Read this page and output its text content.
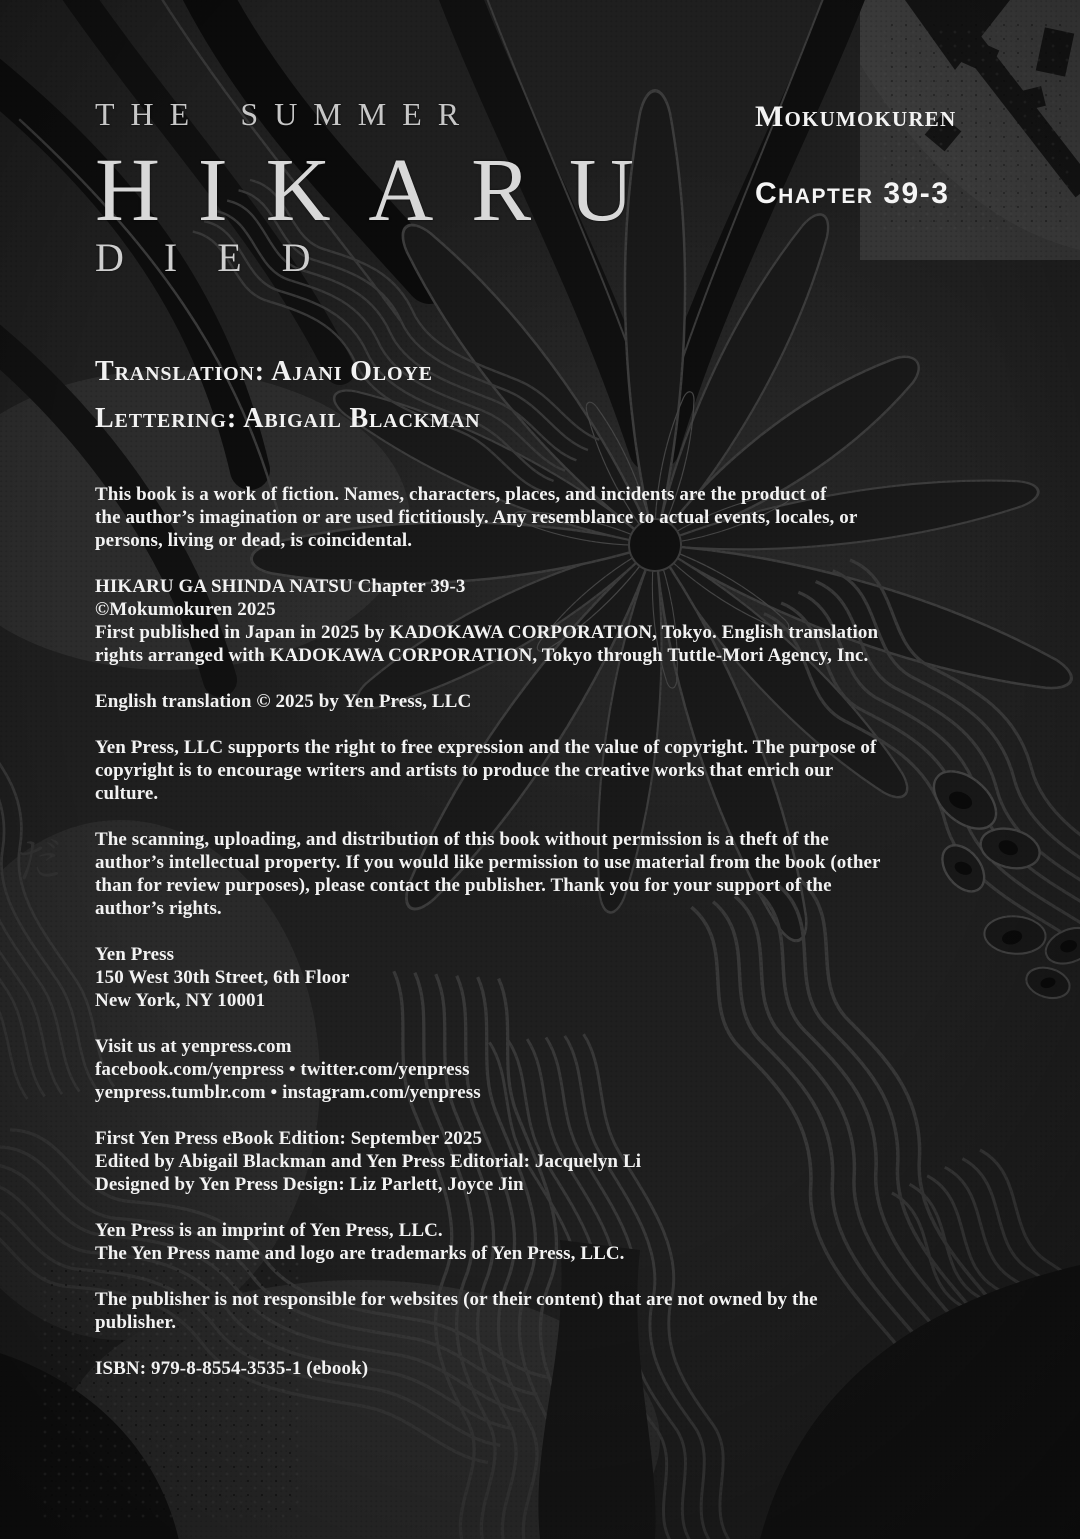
だ
THE SUMMER
HIKARU
DIED
Mokumokuren
Chapter 39-3
Translation: Ajani Oloye
Lettering: Abigail Blackman

This book is a work of fiction. Names, characters, places, and incidents are the product of
the author’s imagination or are used fictitiously. Any resemblance to actual events, locales, or
persons, living or dead, is coincidental.

HIKARU GA SHINDA NATSU Chapter 39-3
©Mokumokuren 2025
First published in Japan in 2025 by KADOKAWA CORPORATION, Tokyo. English translation
rights arranged with KADOKAWA CORPORATION, Tokyo through Tuttle-Mori Agency, Inc.

English translation © 2025 by Yen Press, LLC

Yen Press, LLC supports the right to free expression and the value of copyright. The purpose of
copyright is to encourage writers and artists to produce the creative works that enrich our
culture.

The scanning, uploading, and distribution of this book without permission is a theft of the
author’s intellectual property. If you would like permission to use material from the book (other
than for review purposes), please contact the publisher. Thank you for your support of the
author’s rights.

Yen Press
150 West 30th Street, 6th Floor
New York, NY 10001

Visit us at yenpress.com
facebook.com/yenpress • twitter.com/yenpress
yenpress.tumblr.com • instagram.com/yenpress

First Yen Press eBook Edition: September 2025
Edited by Abigail Blackman and Yen Press Editorial: Jacquelyn Li
Designed by Yen Press Design: Liz Parlett, Joyce Jin

Yen Press is an imprint of Yen Press, LLC.
The Yen Press name and logo are trademarks of Yen Press, LLC.

The publisher is not responsible for websites (or their content) that are not owned by the
publisher.

ISBN: 979-8-8554-3535-1 (ebook)
